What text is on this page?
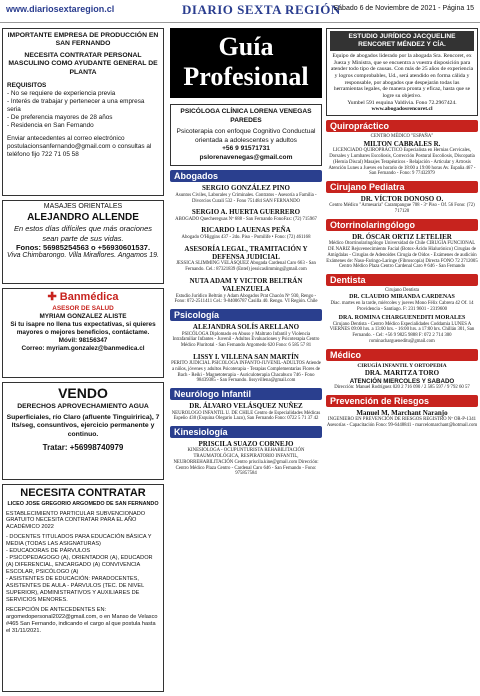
www.diariosextaregion.cl	DIARIO SEXTA REGIÓN
Sábado 6 de Noviembre de 2021 - Página 15
IMPORTANTE EMPRESA DE PRODUCCIÓN EN SAN FERNANDO
NECESITA CONTRATAR PERSONAL MASCULINO COMO AYUDANTE GENERAL DE PLANTA
REQUISITOS
- No se requiere de experiencia previa
- Interés de trabajar y pertenecer a una empresa seria
- De preferencia mayores de 28 años
- Residencia en San Fernando
Enviar antecedentes al correo electrónico postulacionsanfernando@gmail.com o consultas al teléfono fijo 722 71 05 58
MASAJES ORIENTALES
ALEJANDRO ALLENDE
En estos días difíciles que más oraciones sean parte de sus vidas.
Fonos: 56985254563 o +56930601537.
Viva Chimbarongo. Villa Miraflores. Angamos 19.
✚ Banmédica
ASESOR DE SALUD
MYRIAM GONZALEZ ALISTE
Si tu isapre no llena tus expectativas, si quieres mayores o mejores beneficios, contáctame.
Móvil: 98156347
Correo: myriam.gonzalez@banmedica.cl
VENDO
DERECHOS APROVECHAMIENTO AGUA
Superficiales, río Claro (afluente Tinguiririca), 7 lts/seg, consuntivos, ejercicio permanente y continuo.
Tratar: +56998740979
NECESITA CONTRATAR
LICEO JOSE GREGORIO ARGOMEDO DE SAN FERNANDO
ESTABLECIMIENTO PARTICULAR SUBVENCIONADO GRATUITO NECESITA CONTRATAR PARA EL AÑO ACADÉMICO 2022
- DOCENTES TITULADOS PARA EDUCACIÓN BÁSICA Y MEDIA (TODAS LAS ASIGNATURAS)
- EDUCADORAS DE PÁRVULOS
- PSICOPEDAGOGO (A), ORIENTADOR (A), EDUCADOR (A) DIFERENCIAL, ENCARGADO (A) CONVIVENCIA ESCOLAR, PSICÓLOGO (A)
- ASISTENTES DE EDUCACIÓN: PARADOCENTES, ASISTENTES DE AULA - PÁRVULOS (TEC. DE NIVEL SUPERIOR), ADMINISTRATIVOS Y AUXILIARES DE SERVICIOS MENORES.
RECEPCIÓN DE ANTECEDENTES EN: argomedopersonal2022@gmail.com, o en Manso de Velasco #465 San Fernando, indicando el cargo al que postula hasta el 31/11/2021.
Guía Profesional
PSICÓLOGA CLÍNICA LORENA VENEGAS PAREDES
Psicoterapia con enfoque Cognitivo Conductual orientada a adolescentes y adultos
+56 9 91571731
pslorenavenegas@gmail.com
Abogados
SERGIO GONZÁLEZ PINO
Asuntos Civiles, Laborales y Criminales. Contratos - Asesoría a Familia - Divorcios Curalí 532 - Fono 751484 SAN FERNANDO
SERGIO A. HUERTA GUERRERO
ABOGADO Quechereguas Nº 688 - San Fernando FonoFax: (72) 715967
RICARDO LAUENAS PEÑA
Abogado O'Higgins 437 - 2do. Piso - Pomilife • Fono: (72) 461168
ASESORÍA LEGAL, TRAMITACIÓN Y DEFENSA JUDICIAL
JESSICA SLIMMING VELÁSQUEZ Abogada Cardenal Caro 663 - San Fernando. Cel.: 87321839 (Entel) jessicaslimming@gmail.com
NUTA ADAM Y VICTOR BELTRÁN VALENZUELA
Estudio Jurídico Beltrán y Adam Abogados Prat Chacón Nº 930, Rengo - Fono: 072-2511411 Cel.: 9-84006787 Casilla 40. Rengo. VI Región. Chile
Psicología
ALEJANDRA SOLÍS ARELLANO
PSICÓLOGA Diplomado en Abuso y Maltrato Infantil y Violencia Intrafamiliar Infantes - Juvenil - Adultos Evaluaciones y Psicoterapia Centro Médico Pluritotal - San Fernando Argomedo 620 Fono: 6 585 57 81
LISSY I. VILLENA SAN MARTÍN
PERITO JUDICIAL PSICOLOGA INFANTO-JUVENIL-ADULTOS Atiende a niños, jóvenes y adultos Psicoterapia - Terapias Complementarias Flores de Bach - Reiki - Magnetoterapia - Auriculoterapia Chacabuco 746 - Fono 98439385 - San Fernando. lissyvillena@gmail.com
Neurólogo Infantil
DR. ÁLVARO VELÁSQUEZ NUÑEZ
NEUROLOGO INFANTIL U. DE CHILE Centro de Especialidades Médicas Espeño 430 (Esquina Olegario Lazo), San Fernando Fono: 0722 5 71 37 42
Kinesiología
PRISCILA SUAZO CORNEJO
KINESIOLOGA - OCUPUNTURISTA REHABILITACIÓN TRAUMATOLÓGICA, RESPIRATORIO INFANTIL, NEURORREHABILITACIÓN Centro priscila.kine@gmail.com Dirección: Centro Médico Plaza Centro - Cardenal Caro 646 - San Fernando - Fono: 975857584
ESTUDIO JURÍDICO JACQUELINE RENCORET MÉNDEZ Y CÍA.
Equipo de abogados liderado por la abogada Sra. Rencoret, ex Jueza y Ministra, que se encuentra a vuestra disposición para atender todo tipo de causas. Con más de 25 años de experiencia y logros comprobables, Ud., será atendido en forma cálida y responsable, por abogados que despejarán todas las herramientas legales, de manera pronta y eficaz, hasta que se logre su objetivo.
Yumbel 591 esquina Valdivia. Fono 72.2967424.
www.abogadosrencoret.cl
Quiropráctico
CENTRO MÉDICO "ESPAÑA"
MILTON CABRALES R.
LICENCIADO QUIROPRÁCTICO Especialista en Hernias Cervicales, Dorsales y Lumbares Escoliosis, Corrección Postural Escoliosis, Discopatía (Hernia Discal) Masajes Terapéuticos - Relajación - Articular y Artrosis Atención Lunes a Jueves en horario de 18:00 a 19:00 horas Av. España 467 - San Fernando - Fono: 9 77432979
Cirujano Pediatra
DR. VÍCTOR DONOSO O.
Centro Médico "Armesaria" Carampangue 708 - 3º Piso - Of. 56 Fono: (72) 717120
Otorrinolaringólogo
DR. ÓSCAR ORTIZ LETELIER
Médico Otorrinolaringólogo Universidad de Chile CIRUGÍA FUNCIONAL DE NARIZ Rejuvenecimiento Facial (Botox-Ácido Hialurónico) Cirugías de Amígdalas - Cirugías de Adenoides Cirugía de Oídos - Exámenes de audición Exámenes de: Naso-Faringo-Laringe (Fibroscopía) Directa FONO 72 2712005 Centro Médico Plaza Centro Cardenal Caro # 646 - San Fernando
Dentista
Cirujano Dentista
DR. CLAUDIO MIRANDA CARDENAS
Diac. martes en la tarde, miércoles y jueves Mono Félix Cabrera 42 Of. 14 Providencia - Santiago. F: 231 9601 - 2319600
DRA. ROMINA CHARGUENEDITI MORALES
Cirujano Dentista - Centro Médico Especialidades Coddamia LUNES A VIERNES 09:00 hrs. a 13:00 hrs. - 16:00 hrs. a 17:00 hrs. Chillán 301, San Fernando. - Cel: +56 9 9825 9888 F: 072 2 714 300 rominachargueneditu@gmail.com
Médico
CIRUGÍA INFANTIL Y ORTOPEDIA
DRA. MARITZA TORO
ATENCIÓN MIERCOLES Y SABADO
Dirección: Manuel Rodríguez 020 2 716 090 / 2 585 597 / 9 792 60 57
Prevención de Riesgos
Manuel M. Marchant Naranjo
INGENIERO EN PREVENCIÓN DE RIESGOS REGISTRO Nº OR-P-1341 Asesorías - Capacitación Fono: 99-6448841 - marcelomarchant@hotmail.com
